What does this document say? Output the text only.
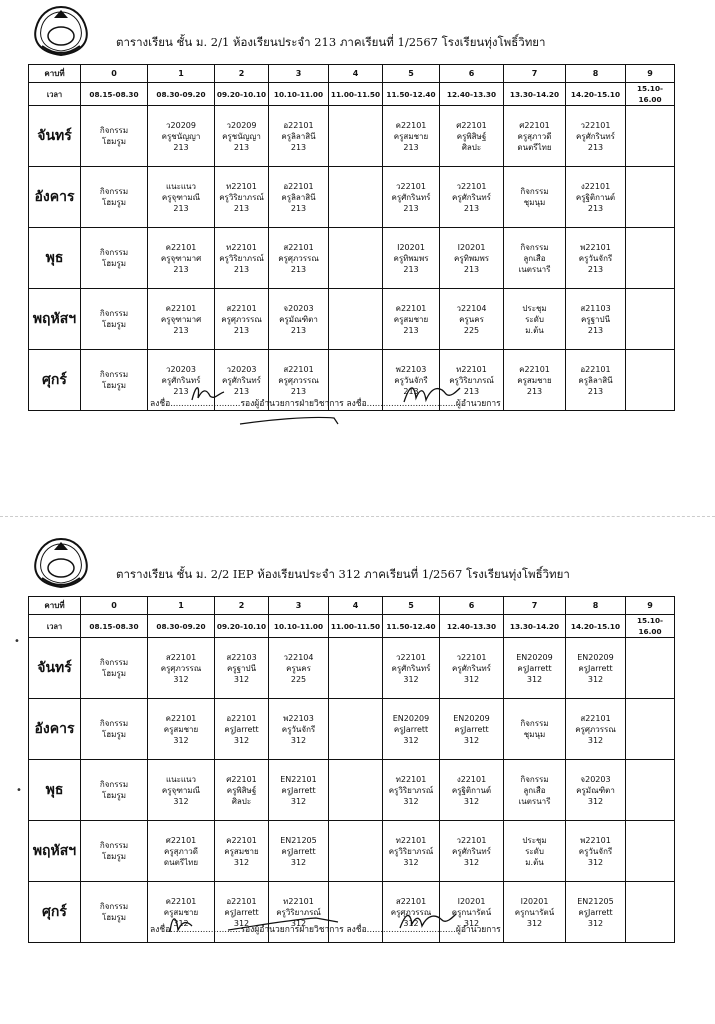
ตารางเรียน ชั้น ม. 2/1 ห้องเรียนประจำ 213 ภาคเรียนที่ 1/2567 โรงเรียนทุ่งโพธิ์วิทยา
คาบที่	0	1	2	3	4	5	6	7	8	9
เวลา	08.15-08.30	08.30-09.20	09.20-10.10	10.10-11.00	11.00-11.50	11.50-12.40	12.40-13.30	13.30-14.20	14.20-15.10	15.10-16.00
จันทร์	กิจกรรม
โฮมรูม	ว20209
ครูชนัญญา
213	ว20209
ครูชนัญญา
213	อ22101
ครูลิลาสินี
213		ค22101
ครูสมชาย
213	ศ22101
ครูพิสิษฐ์
ศิลปะ	ศ22101
ครูสุภาวดี
ดนตรีไทย	ว22101
ครูศักรินทร์
213	

อังคาร	กิจกรรม
โฮมรูม	แนะแนว
ครูจุฑามณี
213	ท22101
ครูวิริยาภรณ์
213	อ22101
ครูลิลาสินี
213		ว22101
ครูศักรินทร์
213	ว22101
ครูศักรินทร์
213	กิจกรรม
ชุมนุม	ง22101
ครูฐิติกานต์
213	

พุธ	กิจกรรม
โฮมรูม	ค22101
ครูจุฑามาศ
213	ท22101
ครูวิริยาภรณ์
213	ส22101
ครูศุภวรรณ
213		I20201
ครูทิพมพร
213	I20201
ครูทิพมพร
213	กิจกรรม
ลูกเสือ
เนตรนารี	พ22101
ครูวันจักรี
213	

พฤหัสฯ	กิจกรรม
โฮมรูม	ค22101
ครูจุฑามาศ
213	ส22101
ครูศุภวรรณ
213	จ20203
ครูมัณฑิตา
213		ค22101
ครูสมชาย
213	ว22104
ครูนคร
225	ประชุม
ระดับ
ม.ต้น	ส21103
ครูฐาปนี
213	

ศุกร์	กิจกรรม
โฮมรูม	ว20203
ครูศักรินทร์
213	ว20203
ครูศักรินทร์
213	ส22101
ครูศุภวรรณ
213		พ22103
ครูวันจักรี
213	ท22101
ครูวิริยาภรณ์
213	ค22101
ครูสมชาย
213	อ22101
ครูลิลาสินี
213	

ลงชื่อ..........................รองผู้อำนวยการฝ่ายวิชาการ ลงชื่อ.................................ผู้อำนวยการ
•
•
ตารางเรียน ชั้น ม. 2/2 IEP ห้องเรียนประจำ 312 ภาคเรียนที่ 1/2567 โรงเรียนทุ่งโพธิ์วิทยา
คาบที่	0	1	2	3	4	5	6	7	8	9
เวลา	08.15-08.30	08.30-09.20	09.20-10.10	10.10-11.00	11.00-11.50	11.50-12.40	12.40-13.30	13.30-14.20	14.20-15.10	15.10-16.00
จันทร์	กิจกรรม
โฮมรูม	ส22101
ครูศุภวรรณ
312	ส22103
ครูฐาปนี
312	ว22104
ครูนคร
225		ว22101
ครูศักรินทร์
312	ว22101
ครูศักรินทร์
312	EN20209
ครูJarrett
312	EN20209
ครูJarrett
312	

อังคาร	กิจกรรม
โฮมรูม	ค22101
ครูสมชาย
312	อ22101
ครูJarrett
312	พ22103
ครูวันจักรี
312		EN20209
ครูJarrett
312	EN20209
ครูJarrett
312	กิจกรรม
ชุมนุม	ส22101
ครูศุภวรรณ
312	

พุธ	กิจกรรม
โฮมรูม	แนะแนว
ครูจุฑามณี
312	ศ22101
ครูพิสิษฐ์
ศิลปะ	EN22101
ครูJarrett
312		ท22101
ครูวิริยาภรณ์
312	ง22101
ครูฐิติกานต์
312	กิจกรรม
ลูกเสือ
เนตรนารี	จ20203
ครูมัณฑิตา
312	

พฤหัสฯ	กิจกรรม
โฮมรูม	ศ22101
ครูสุภาวดี
ดนตรีไทย	ค22101
ครูสมชาย
312	EN21205
ครูJarrett
312		ท22101
ครูวิริยาภรณ์
312	ว22101
ครูศักรินทร์
312	ประชุม
ระดับ
ม.ต้น	พ22101
ครูวันจักรี
312	

ศุกร์	กิจกรรม
โฮมรูม	ค22101
ครูสมชาย
312	อ22101
ครูJarrett
312	ท22101
ครูวิริยาภรณ์
312		ส22101
ครูศุภวรรณ
312	I20201
ครูกนารัตน์
312	I20201
ครูกนารัตน์
312	EN21205
ครูJarrett
312	

ลงชื่อ..........................รองผู้อำนวยการฝ่ายวิชาการ ลงชื่อ.................................ผู้อำนวยการ
